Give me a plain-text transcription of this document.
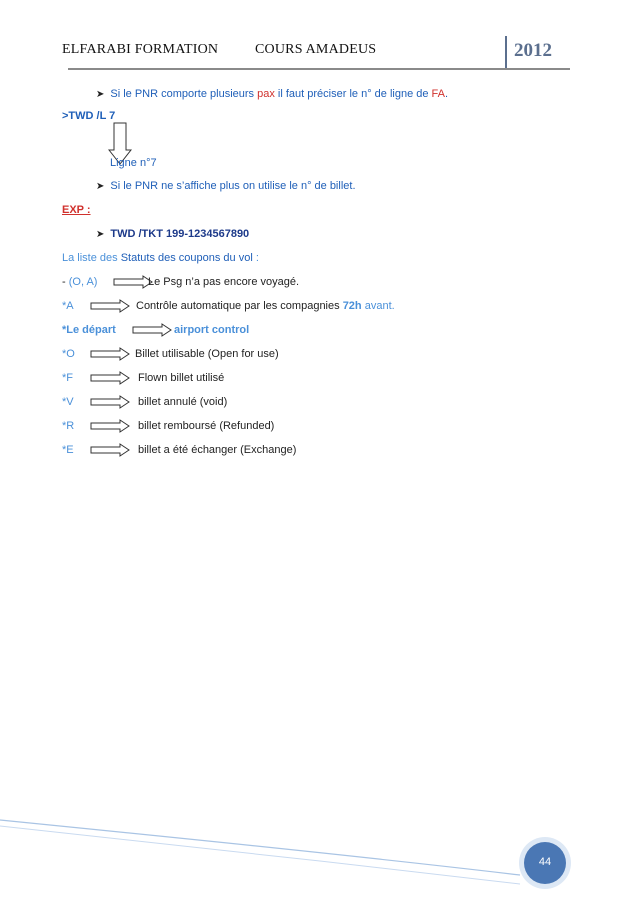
ELFARABI FORMATION	COURS AMADEUS	2012
➤ Si le PNR comporte plusieurs pax il faut préciser le n° de ligne de FA.
>TWD /L 7
Ligne n°7
➤ Si le PNR ne s’affiche plus on utilise le n° de billet.
EXP :
➤ TWD /TKT 199-1234567890
La liste des Statuts des coupons du vol :
- (O, A)	Le Psg n’a pas encore voyagé.
*A	Contrôle automatique par les compagnies 72h avant.
*Le départ	airport control
*O	Billet utilisable (Open for use)
*F	Flown billet utilisé
*V	billet annulé (void)
*R	billet remboursé (Refunded)
*E	billet a été échanger (Exchange)
44
